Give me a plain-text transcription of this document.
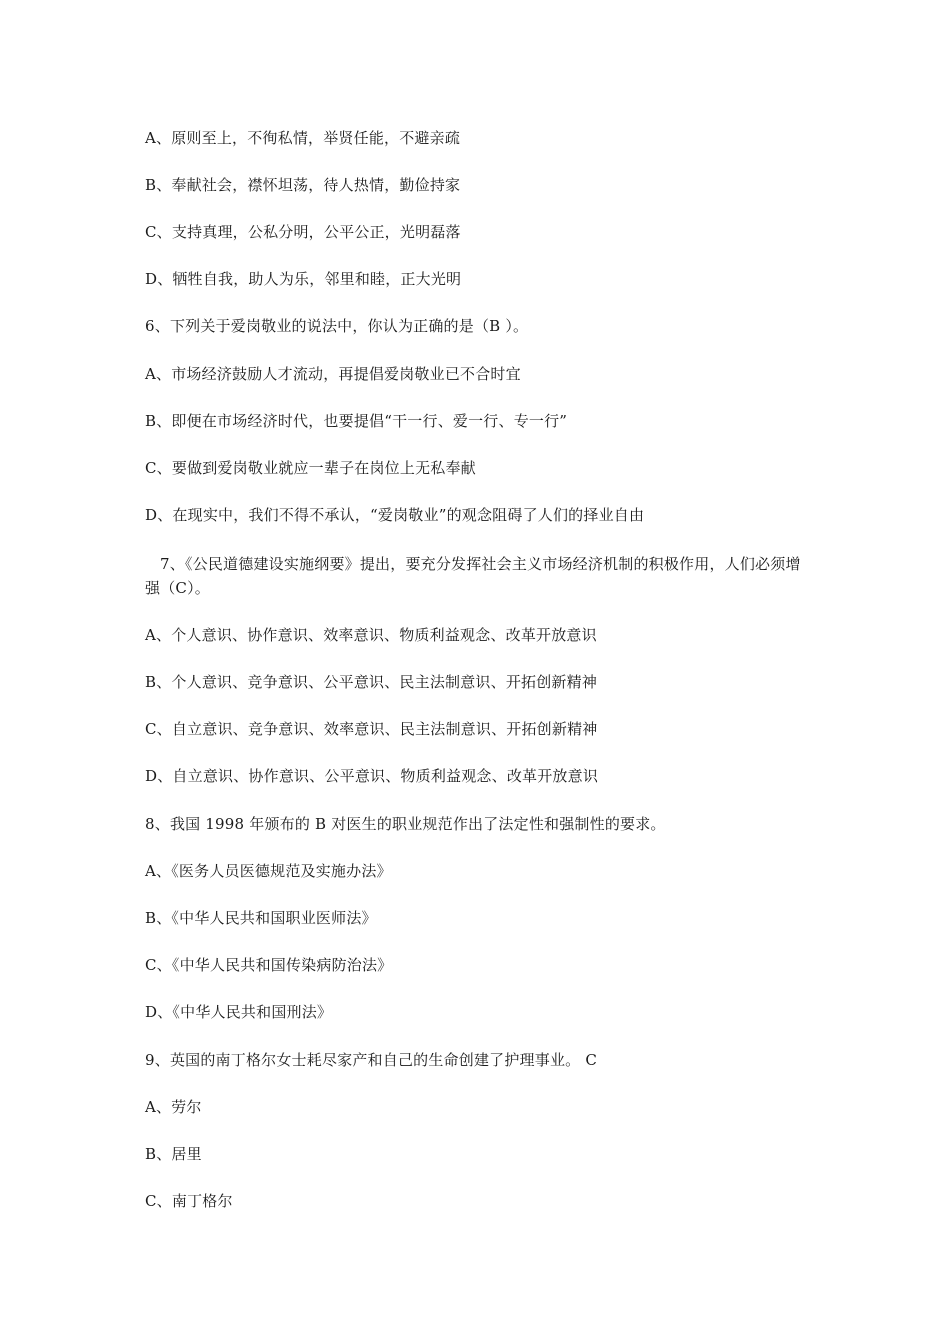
A、原则至上，不徇私情，举贤任能，不避亲疏
B、奉献社会，襟怀坦荡，待人热情，勤俭持家
C、支持真理，公私分明，公平公正，光明磊落
D、牺牲自我，助人为乐，邻里和睦，正大光明
6、下列关于爱岗敬业的说法中，你认为正确的是（B ）。
A、市场经济鼓励人才流动，再提倡爱岗敬业已不合时宜
B、即便在市场经济时代，也要提倡“干一行、爱一行、专一行”
C、要做到爱岗敬业就应一辈子在岗位上无私奉献
D、在现实中，我们不得不承认，“爱岗敬业”的观念阻碍了人们的择业自由
7、《公民道德建设实施纲要》提出，要充分发挥社会主义市场经济机制的积极作用，人们必须增强（C）。
A、个人意识、协作意识、效率意识、物质利益观念、改革开放意识
B、个人意识、竞争意识、公平意识、民主法制意识、开拓创新精神
C、自立意识、竞争意识、效率意识、民主法制意识、开拓创新精神
D、自立意识、协作意识、公平意识、物质利益观念、改革开放意识
8、我国 1998 年颁布的 B 对医生的职业规范作出了法定性和强制性的要求。
A、《医务人员医德规范及实施办法》
B、《中华人民共和国职业医师法》
C、《中华人民共和国传染病防治法》
D、《中华人民共和国刑法》
9、英国的南丁格尔女士耗尽家产和自己的生命创建了护理事业。 C
A、劳尔
B、居里
C、南丁格尔
